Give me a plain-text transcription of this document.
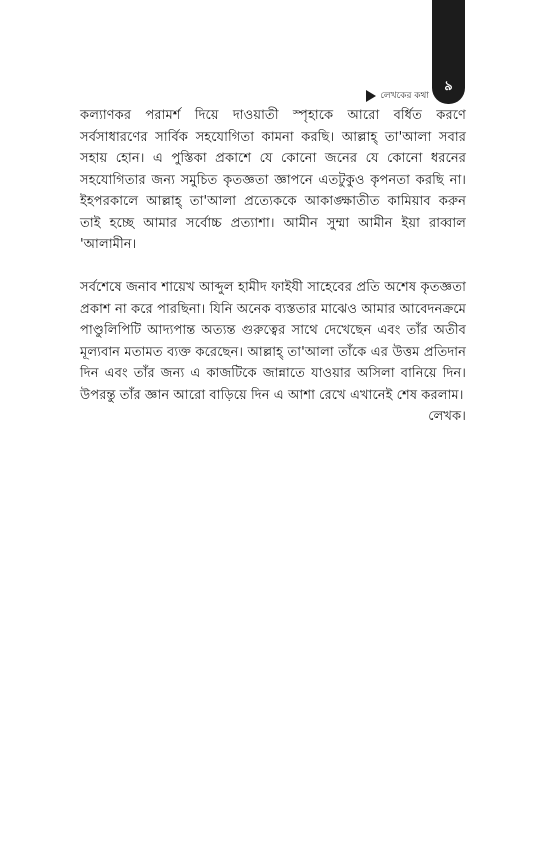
৯
লেখকের কথা

কল্যাণকর পরামর্শ দিয়ে দাওয়াতী স্পৃহাকে আরো বর্ধিত করণে সর্বসাধারণের সার্বিক সহযোগিতা কামনা করছি। আল্লাহ্ তা'আলা সবার সহায় হোন। এ পুস্তিকা প্রকাশে যে কোনো জনের যে কোনো ধরনের সহযোগিতার জন্য সমুচিত কৃতজ্ঞতা জ্ঞাপনে এতটুকুও কৃপনতা করছি না। ইহপরকালে আল্লাহ্ তা'আলা প্রত্যেককে আকাঙ্ক্ষাতীত কামিয়াব করুন তাই হচ্ছে আমার সর্বোচ্চ প্রত্যাশা। আমীন সুম্মা আমীন ইয়া রাব্বাল 'আলামীন।

সর্বশেষে জনাব শায়েখ আব্দুল হামীদ ফাইযী সাহেবের প্রতি অশেষ কৃতজ্ঞতা প্রকাশ না করে পারছিনা। যিনি অনেক ব্যস্ততার মাঝেও আমার আবেদনক্রমে পাণ্ডুলিপিটি আদ্যপান্ত অত্যন্ত গুরুত্বের সাথে দেখেছেন এবং তাঁর অতীব মূল্যবান মতামত ব্যক্ত করেছেন। আল্লাহ্ তা'আলা তাঁকে এর উত্তম প্রতিদান দিন এবং তাঁর জন্য এ কাজটিকে জান্নাতে যাওয়ার অসিলা বানিয়ে দিন। উপরন্তু তাঁর জ্ঞান আরো বাড়িয়ে দিন এ আশা রেখে এখানেই শেষ করলাম।

লেখক।
